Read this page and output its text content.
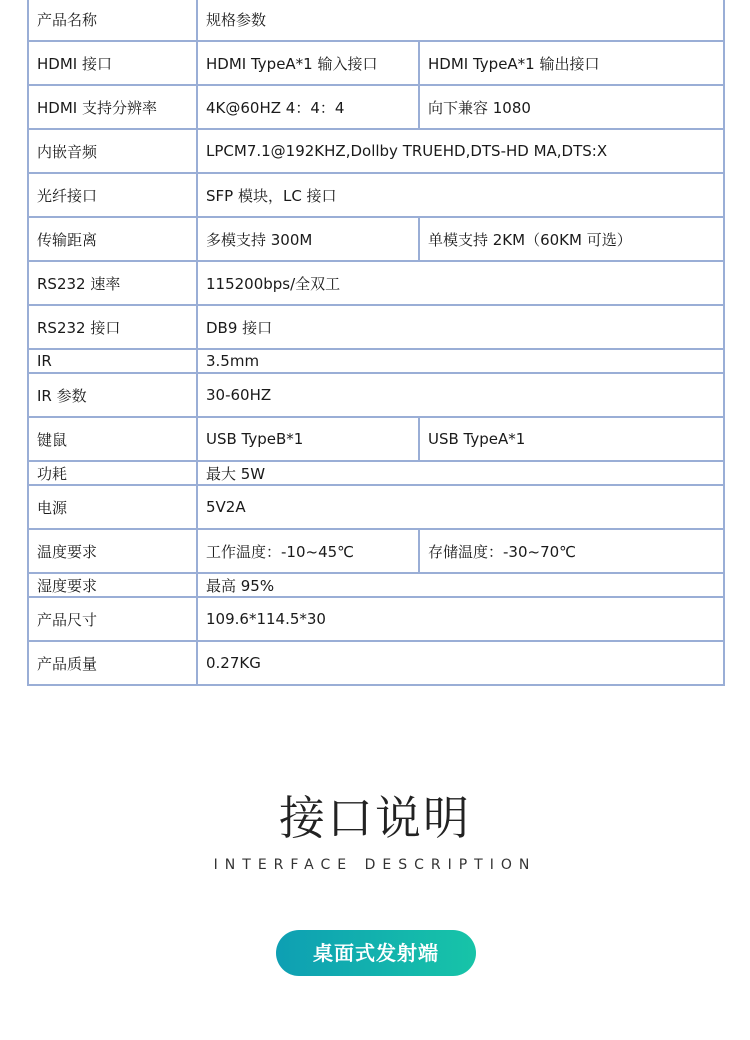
产品名称	规格参数	
HDMI 接口	HDMI TypeA*1 输入接口	HDMI TypeA*1 输出接口
HDMI 支持分辨率	4K@60HZ 4：4：4	向下兼容 1080
内嵌音频	LPCM7.1@192KHZ,Dollby TRUEHD,DTS-HD MA,DTS:X	
光纤接口	SFP 模块，LC 接口	
传输距离	多模支持 300M	单模支持 2KM（60KM 可选）
RS232 速率	115200bps/全双工	
RS232 接口	DB9 接口	
IR	3.5mm	
IR 参数	30-60HZ	
键鼠	USB TypeB*1	USB TypeA*1
功耗	最大 5W	
电源	5V2A	
温度要求	工作温度：-10~45℃	存储温度：-30~70℃
湿度要求	最高 95%	
产品尺寸	109.6*114.5*30	
产品质量	0.27KG	
接口说明
INTERFACE DESCRIPTION
桌面式发射端
